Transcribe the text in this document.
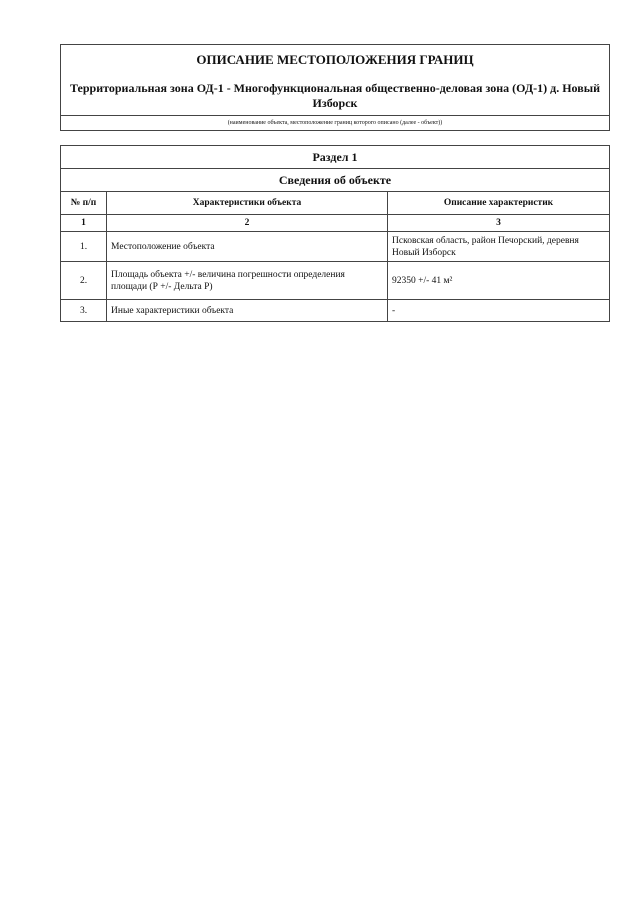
ОПИСАНИЕ МЕСТОПОЛОЖЕНИЯ ГРАНИЦ		
Территориальная зона ОД-1 - Многофункциональная общественно-деловая зона (ОД-1) д. Новый Изборск		
(наименование объекта, местоположение границ которого описано (далее - объект))		

Раздел 1		
Сведения об объекте		
№ п/п	Характеристики объекта	Описание характеристик
1	2	3
1.	Местоположение объекта	Псковская область, район Печорский, деревня Новый Изборск
2.	Площадь объекта +/- величина погрешности определения площади (Р +/- Дельта Р)	92350 +/- 41 м²
3.	Иные характеристики объекта	-
